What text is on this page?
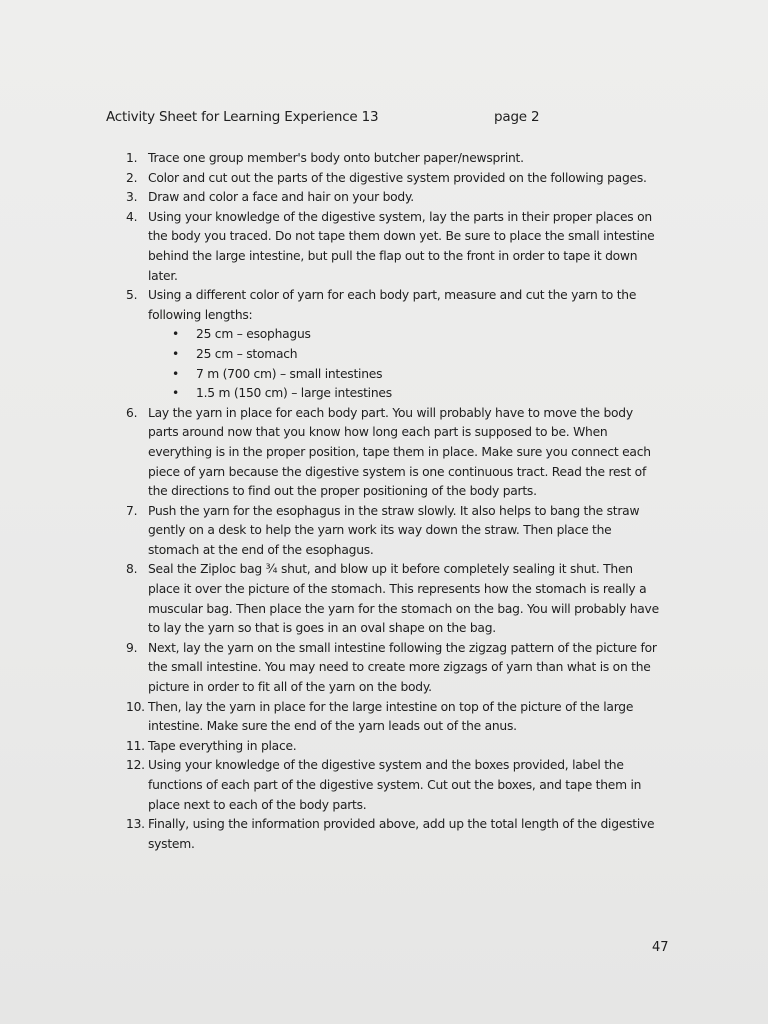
Activity Sheet for Learning Experience 13	page 2
1. Trace one group member's body onto butcher paper/newsprint.
2. Color and cut out the parts of the digestive system provided on the following pages.
3. Draw and color a face and hair on your body.
4. Using your knowledge of the digestive system, lay the parts in their proper places on the body you traced. Do not tape them down yet. Be sure to place the small intestine behind the large intestine, but pull the flap out to the front in order to tape it down later.
5. Using a different color of yarn for each body part, measure and cut the yarn to the following lengths:
• 25 cm – esophagus
• 25 cm – stomach
• 7 m (700 cm) – small intestines
• 1.5 m (150 cm) – large intestines
6. Lay the yarn in place for each body part. You will probably have to move the body parts around now that you know how long each part is supposed to be. When everything is in the proper position, tape them in place. Make sure you connect each piece of yarn because the digestive system is one continuous tract. Read the rest of the directions to find out the proper positioning of the body parts.
7. Push the yarn for the esophagus in the straw slowly. It also helps to bang the straw gently on a desk to help the yarn work its way down the straw. Then place the stomach at the end of the esophagus.
8. Seal the Ziploc bag ¾ shut, and blow up it before completely sealing it shut. Then place it over the picture of the stomach. This represents how the stomach is really a muscular bag. Then place the yarn for the stomach on the bag. You will probably have to lay the yarn so that is goes in an oval shape on the bag.
9. Next, lay the yarn on the small intestine following the zigzag pattern of the picture for the small intestine. You may need to create more zigzags of yarn than what is on the picture in order to fit all of the yarn on the body.
10. Then, lay the yarn in place for the large intestine on top of the picture of the large intestine. Make sure the end of the yarn leads out of the anus.
11. Tape everything in place.
12. Using your knowledge of the digestive system and the boxes provided, label the functions of each part of the digestive system. Cut out the boxes, and tape them in place next to each of the body parts.
13. Finally, using the information provided above, add up the total length of the digestive system.
47
